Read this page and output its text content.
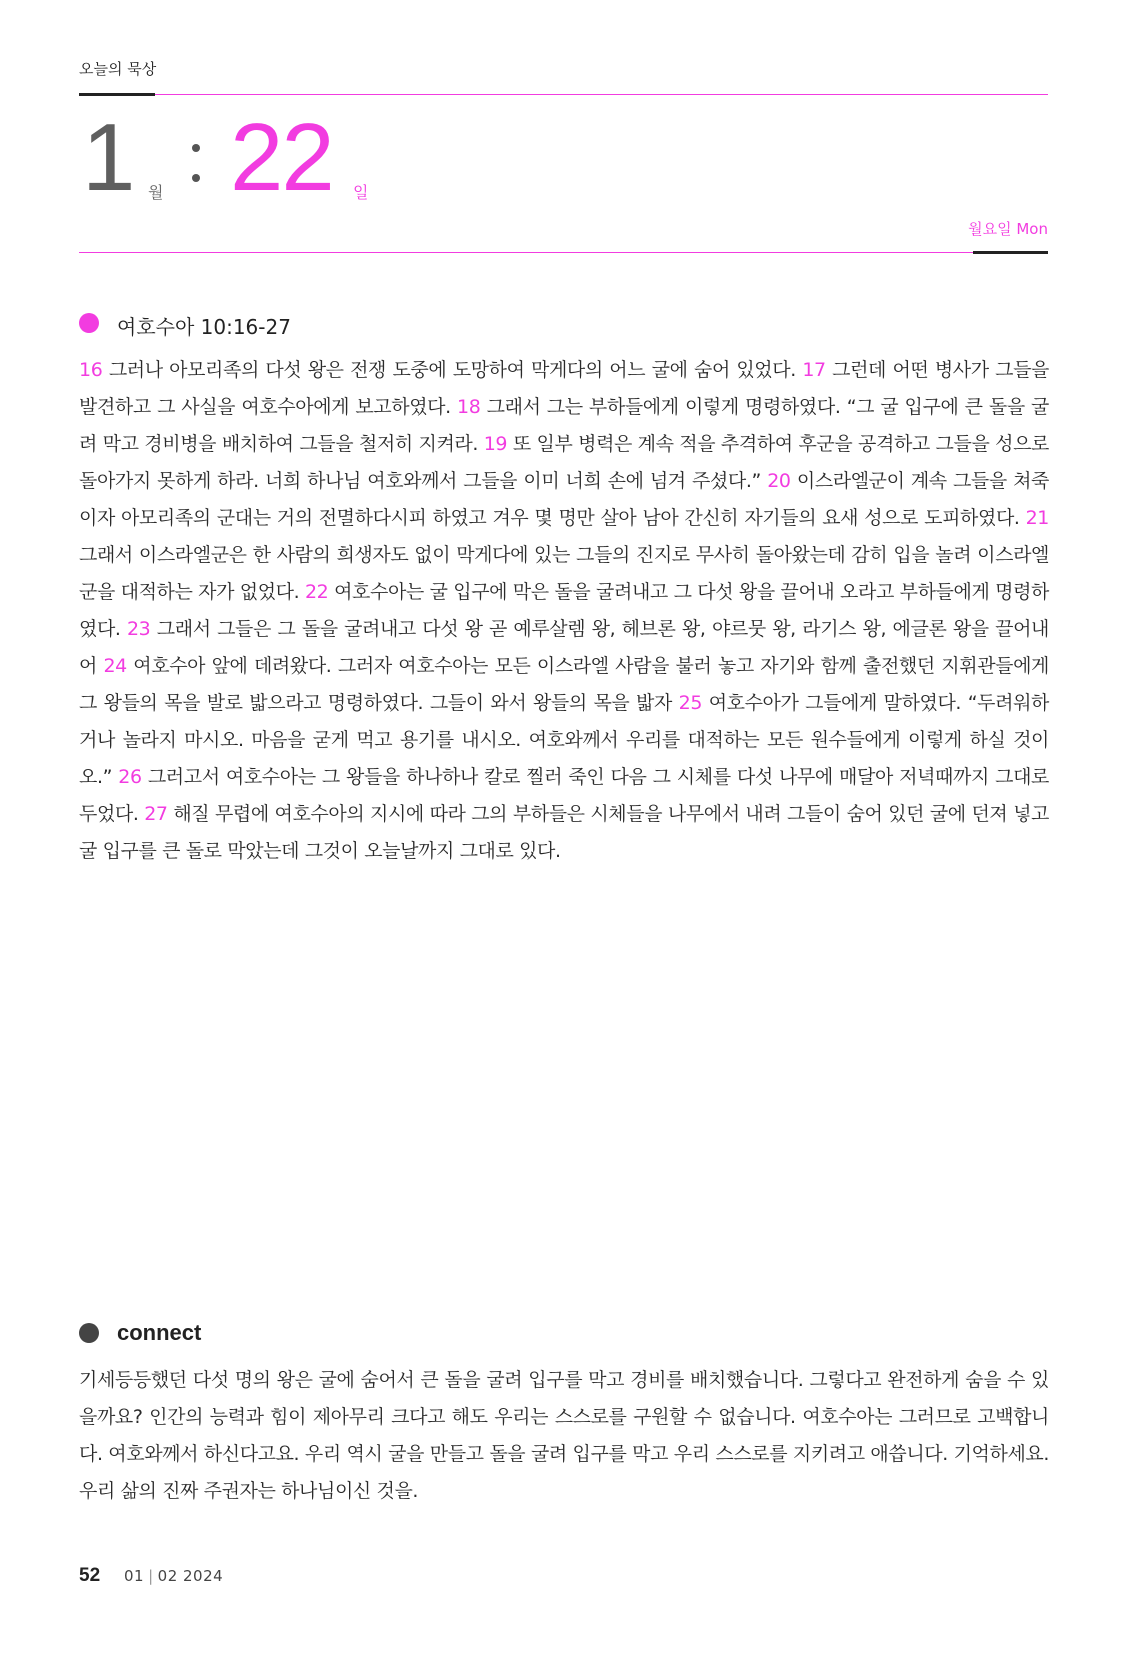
오늘의 묵상
1 월 22 일
월요일 Mon
여호수아 10:16-27
16 그러나 아모리족의 다섯 왕은 전쟁 도중에 도망하여 막게다의 어느 굴에 숨어 있었다. 17 그런데 어떤 병사가 그들을 발견하고 그 사실을 여호수아에게 보고하였다. 18 그래서 그는 부하들에게 이렇게 명령하였다. “그 굴 입구에 큰 돌을 굴려 막고 경비병을 배치하여 그들을 철저히 지켜라. 19 또 일부 병력은 계속 적을 추격하여 후군을 공격하고 그들을 성으로 돌아가지 못하게 하라. 너희 하나님 여호와께서 그들을 이미 너희 손에 넘겨 주셨다.” 20 이스라엘군이 계속 그들을 쳐죽이자 아모리족의 군대는 거의 전멸하다시피 하였고 겨우 몇 명만 살아 남아 간신히 자기들의 요새 성으로 도피하였다. 21 그래서 이스라엘군은 한 사람의 희생자도 없이 막게다에 있는 그들의 진지로 무사히 돌아왔는데 감히 입을 놀려 이스라엘군을 대적하는 자가 없었다. 22 여호수아는 굴 입구에 막은 돌을 굴려내고 그 다섯 왕을 끌어내 오라고 부하들에게 명령하였다. 23 그래서 그들은 그 돌을 굴려내고 다섯 왕 곧 예루살렘 왕, 헤브론 왕, 야르뭇 왕, 라기스 왕, 에글론 왕을 끌어내어 24 여호수아 앞에 데려왔다. 그러자 여호수아는 모든 이스라엘 사람을 불러 놓고 자기와 함께 출전했던 지휘관들에게 그 왕들의 목을 발로 밟으라고 명령하였다. 그들이 와서 왕들의 목을 밟자 25 여호수아가 그들에게 말하였다. “두려워하거나 놀라지 마시오. 마음을 굳게 먹고 용기를 내시오. 여호와께서 우리를 대적하는 모든 원수들에게 이렇게 하실 것이오.” 26 그러고서 여호수아는 그 왕들을 하나하나 칼로 찔러 죽인 다음 그 시체를 다섯 나무에 매달아 저녁때까지 그대로 두었다. 27 해질 무렵에 여호수아의 지시에 따라 그의 부하들은 시체들을 나무에서 내려 그들이 숨어 있던 굴에 던져 넣고 굴 입구를 큰 돌로 막았는데 그것이 오늘날까지 그대로 있다.
connect
기세등등했던 다섯 명의 왕은 굴에 숨어서 큰 돌을 굴려 입구를 막고 경비를 배치했습니다. 그렇다고 완전하게 숨을 수 있을까요? 인간의 능력과 힘이 제아무리 크다고 해도 우리는 스스로를 구원할 수 없습니다. 여호수아는 그러므로 고백합니다. 여호와께서 하신다고요. 우리 역시 굴을 만들고 돌을 굴려 입구를 막고 우리 스스로를 지키려고 애씁니다. 기억하세요. 우리 삶의 진짜 주권자는 하나님이신 것을.
52 01 | 02 2024
